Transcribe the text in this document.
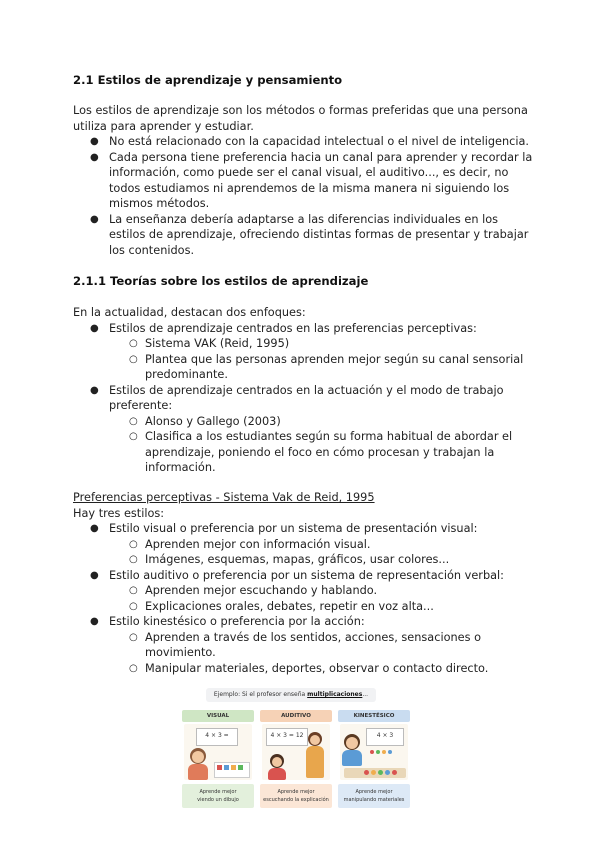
2.1 Estilos de aprendizaje y pensamiento

Los estilos de aprendizaje son los métodos o formas preferidas que una persona utiliza para aprender y estudiar.

● No está relacionado con la capacidad intelectual o el nivel de inteligencia.
● Cada persona tiene preferencia hacia un canal para aprender y recordar la información, como puede ser el canal visual, el auditivo..., es decir, no todos estudiamos ni aprendemos de la misma manera ni siguiendo los mismos métodos.
● La enseñanza debería adaptarse a las diferencias individuales en los estilos de aprendizaje, ofreciendo distintas formas de presentar y trabajar los contenidos.
2.1.1 Teorías sobre los estilos de aprendizaje

En la actualidad, destacan dos enfoques:

● Estilos de aprendizaje centrados en las preferencias perceptivas:
○ Sistema VAK (Reid, 1995)
○ Plantea que las personas aprenden mejor según su canal sensorial predominante.
● Estilos de aprendizaje centrados en la actuación y el modo de trabajo preferente:
○ Alonso y Gallego (2003)
○ Clasifica a los estudiantes según su forma habitual de abordar el aprendizaje, poniendo el foco en cómo procesan y trabajan la información.

Preferencias perceptivas - Sistema Vak de Reid, 1995

Hay tres estilos:

● Estilo visual o preferencia por un sistema de presentación visual:
○ Aprenden mejor con información visual.
○ Imágenes, esquemas, mapas, gráficos, usar colores...
● Estilo auditivo o preferencia por un sistema de representación verbal:
○ Aprenden mejor escuchando y hablando.
○ Explicaciones orales, debates, repetir en voz alta...
● Estilo kinestésico o preferencia por la acción:
○ Aprenden a través de los sentidos, acciones, sensaciones o movimiento.
○ Manipular materiales, deportes, observar o contacto directo.
Ejemplo: Si el profesor enseña multiplicaciones...
VISUAL
4 × 3 =
Aprende mejor
viendo un dibujo
AUDITIVO
4 × 3 = 12
Aprende mejor
escuchando la explicación
KINESTÉSICO
4 × 3
Aprende mejor
manipulando materiales
